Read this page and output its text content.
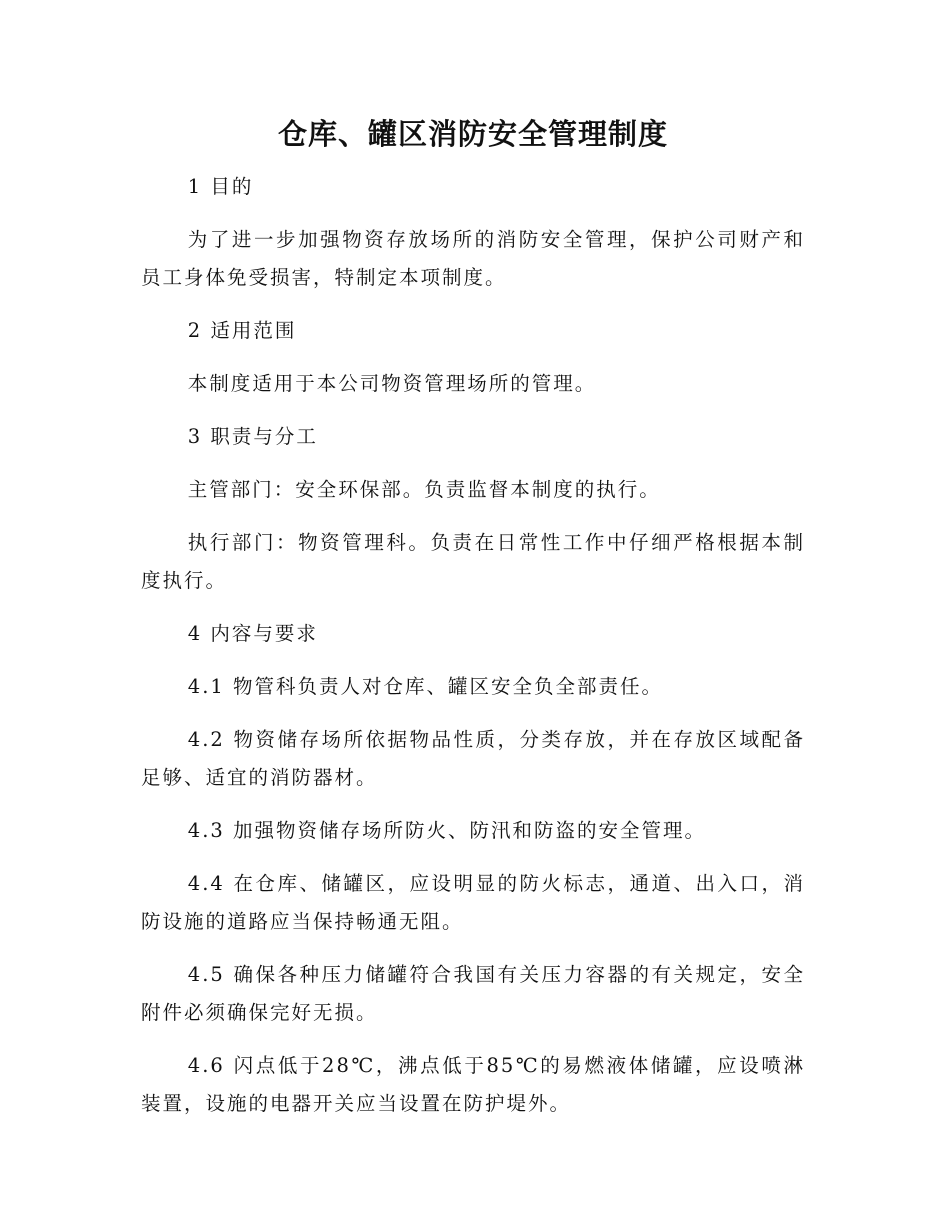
仓库、罐区消防安全管理制度

1 目的

为了进一步加强物资存放场所的消防安全管理，保护公司财产和员工身体免受损害，特制定本项制度。

2 适用范围

本制度适用于本公司物资管理场所的管理。

3 职责与分工

主管部门：安全环保部。负责监督本制度的执行。

执行部门：物资管理科。负责在日常性工作中仔细严格根据本制度执行。

4 内容与要求

4.1 物管科负责人对仓库、罐区安全负全部责任。

4.2 物资储存场所依据物品性质，分类存放，并在存放区域配备足够、适宜的消防器材。

4.3 加强物资储存场所防火、防汛和防盗的安全管理。

4.4 在仓库、储罐区，应设明显的防火标志，通道、出入口，消防设施的道路应当保持畅通无阻。

4.5 确保各种压力储罐符合我国有关压力容器的有关规定，安全附件必须确保完好无损。

4.6 闪点低于28℃，沸点低于85℃的易燃液体储罐，应设喷淋装置，设施的电器开关应当设置在防护堤外。
